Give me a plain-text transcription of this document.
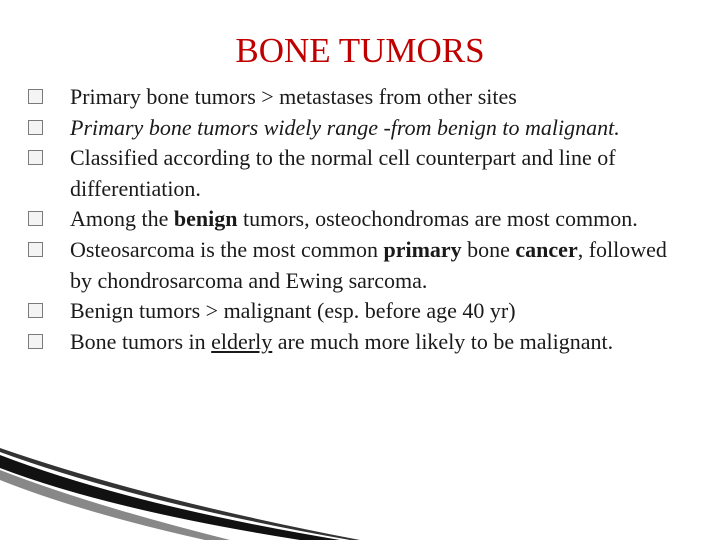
BONE TUMORS
Primary bone tumors > metastases from other sites
Primary bone tumors widely range -from benign to malignant.
Classified according to the normal cell counterpart and line of differentiation.
Among the benign tumors, osteochondromas are most common.
Osteosarcoma is the most common primary bone cancer, followed by chondrosarcoma and Ewing sarcoma.
Benign tumors > malignant (esp. before age 40 yr)
Bone tumors in elderly are much more likely to be malignant.
